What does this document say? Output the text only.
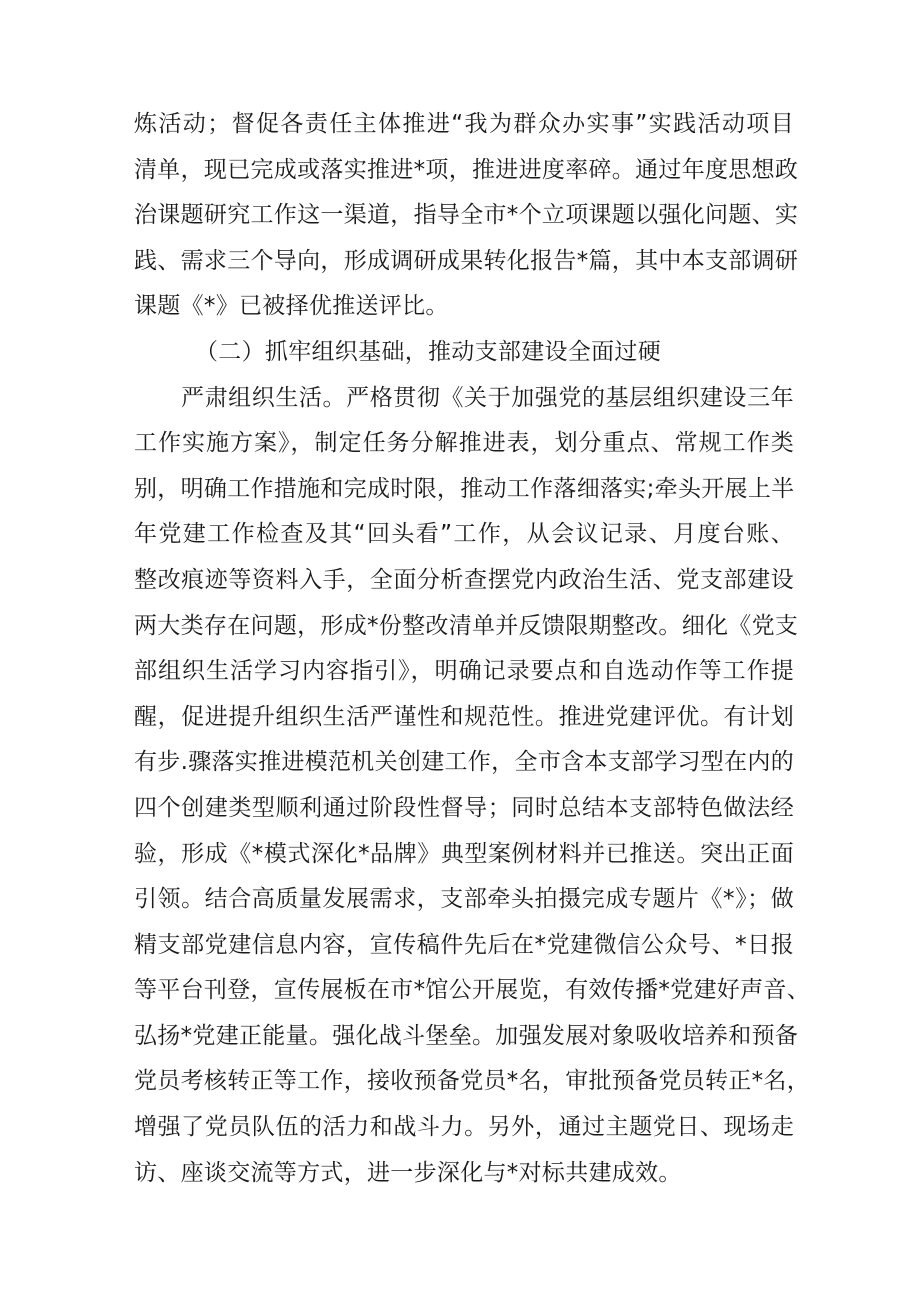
炼活动；督促各责任主体推进“我为群众办实事”实践活动项目
清单，现已完成或落实推进*项，推进进度率碎。通过年度思想政
治课题研究工作这一渠道，指导全市*个立项课题以强化问题、实
践、需求三个导向，形成调研成果转化报告*篇，其中本支部调研
课题《*》已被择优推送评比。
（二）抓牢组织基础，推动支部建设全面过硬
严肃组织生活。严格贯彻《关于加强党的基层组织建设三年
工作实施方案》，制定任务分解推进表，划分重点、常规工作类
别，明确工作措施和完成时限，推动工作落细落实;牵头开展上半
年党建工作检查及其“回头看”工作，从会议记录、月度台账、
整改痕迹等资料入手，全面分析查摆党内政治生活、党支部建设
两大类存在问题，形成*份整改清单并反馈限期整改。细化《党支
部组织生活学习内容指引》，明确记录要点和自选动作等工作提
醒，促进提升组织生活严谨性和规范性。推进党建评优。有计划
有步.骤落实推进模范机关创建工作，全市含本支部学习型在内的
四个创建类型顺利通过阶段性督导；同时总结本支部特色做法经
验，形成《*模式深化*品牌》典型案例材料并已推送。突出正面
引领。结合高质量发展需求，支部牵头拍摄完成专题片《*》；做
精支部党建信息内容，宣传稿件先后在*党建微信公众号、*日报
等平台刊登，宣传展板在市*馆公开展览，有效传播*党建好声音、
弘扬*党建正能量。强化战斗堡垒。加强发展对象吸收培养和预备
党员考核转正等工作，接收预备党员*名，审批预备党员转正*名，
增强了党员队伍的活力和战斗力。另外，通过主题党日、现场走
访、座谈交流等方式，进一步深化与*对标共建成效。
